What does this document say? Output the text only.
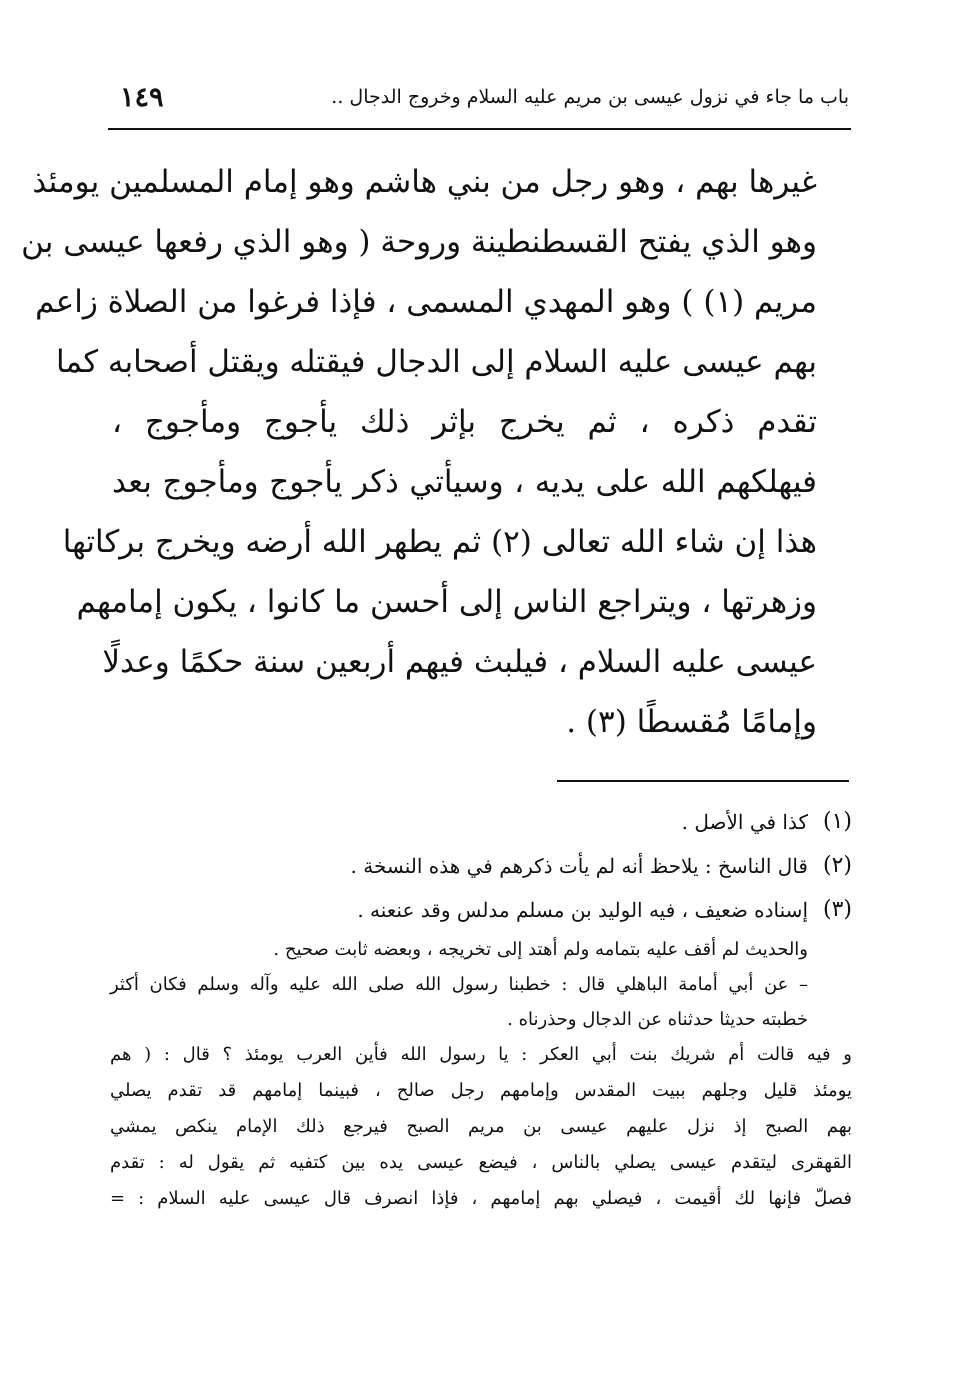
١٤٩	باب ما جاء في نزول عيسى بن مريم عليه السلام وخروج الدجال ..
غيرها بهم ، وهو رجل من بني هاشم وهو إمام المسلمين يومئذ
وهو الذي يفتح القسطنطينة وروحة ( وهو الذي رفعها عيسى بن
مريم (١) ) وهو المهدي المسمى ، فإذا فرغوا من الصلاة زاعم
بهم عيسى عليه السلام إلى الدجال فيقتله ويقتل أصحابه كما
تقدم ذكره ، ثم يخرج بإثر ذلك يأجوج ومأجوج ،
فيهلكهم الله على يديه ، وسيأتي ذكر يأجوج ومأجوج بعد
هذا إن شاء الله تعالى (٢) ثم يطهر الله أرضه ويخرج بركاتها
وزهرتها ، ويتراجع الناس إلى أحسن ما كانوا ، يكون إمامهم
عيسى عليه السلام ، فيلبث فيهم أربعين سنة حكمًا وعدلًا
وإمامًا مُقسطًا (٣) .
(١)
كذا في الأصل .
(٢)
قال الناسخ : يلاحظ أنه لم يأت ذكرهم في هذه النسخة .
(٣)
إسناده ضعيف ، فيه الوليد بن مسلم مدلس وقد عنعنه .
والحديث لم أقف عليه بتمامه ولم أهتد إلى تخريجه ، وبعضه ثابت صحيح .
– عن أبي أمامة الباهلي قال : خطبنا رسول الله صلى الله عليه وآله وسلم فكان أكثر
خطبته حديثا حدثناه عن الدجال وحذرناه .
و فيه قالت أم شريك بنت أبي العكر : يا رسول الله فأين العرب يومئذ ؟ قال : ( هم
يومئذ قليل وجلهم ببيت المقدس وإمامهم رجل صالح ، فبينما إمامهم قد تقدم يصلي
بهم الصبح إذ نزل عليهم عيسى بن مريم الصبح فيرجع ذلك الإمام ينكص يمشي
القهقرى ليتقدم عيسى يصلي بالناس ، فيضع عيسى يده بين كتفيه ثم يقول له : تقدم
فصلّ فإنها لك أقيمت ، فيصلي بهم إمامهم ، فإذا انصرف قال عيسى عليه السلام : =
